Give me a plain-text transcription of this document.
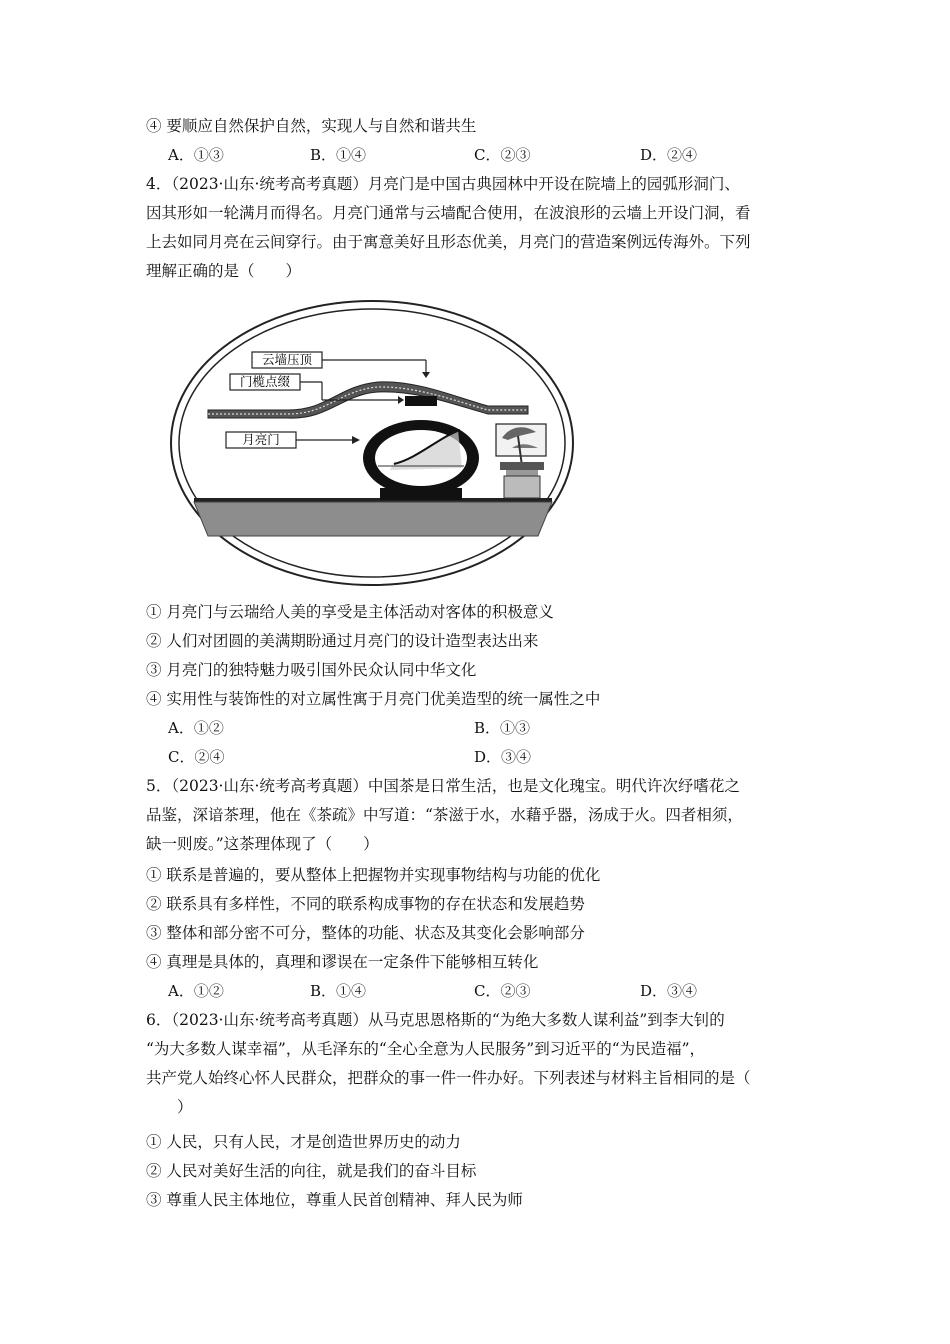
④ 要顺应自然保护自然，实现人与自然和谐共生
A．①③	B．①④	C．②③	D．②④
4．（2023·山东·统考高考真题）月亮门是中国古典园林中开设在院墙上的园弧形洞门、
因其形如一轮满月而得名。月亮门通常与云墙配合使用，在波浪形的云墙上开设门洞，看
上去如同月亮在云间穿行。由于寓意美好且形态优美，月亮门的营造案例远传海外。下列
理解正确的是（　　）
云墙压顶
门榄点缀
月亮门
① 月亮门与云瑞给人美的享受是主体活动对客体的积极意义
② 人们对团圆的美满期盼通过月亮门的设计造型表达出来
③ 月亮门的独特魅力吸引国外民众认同中华文化
④ 实用性与装饰性的对立属性寓于月亮门优美造型的统一属性之中
A．①②	B．①③
C．②④	D．③④
5．（2023·山东·统考高考真题）中国茶是日常生活，也是文化瑰宝。明代许次纾嗜花之
品鉴，深谙茶理，他在《茶疏》中写道：“茶滋于水，水藉乎器，汤成于火。四者相须，
缺一则废。”这茶理体现了（　　）
① 联系是普遍的，要从整体上把握物并实现事物结构与功能的优化
② 联系具有多样性，不同的联系构成事物的存在状态和发展趋势
③ 整体和部分密不可分，整体的功能、状态及其变化会影响部分
④ 真理是具体的，真理和谬误在一定条件下能够相互转化
A．①②	B．①④	C．②③	D．③④
6．（2023·山东·统考高考真题）从马克思恩格斯的“为绝大多数人谋利益”到李大钊的
“为大多数人谋幸福”，从毛泽东的“全心全意为人民服务”到习近平的“为民造福”，
共产党人始终心怀人民群众，把群众的事一件一件办好。下列表述与材料主旨相同的是（
　　）
① 人民，只有人民，才是创造世界历史的动力
② 人民对美好生活的向往，就是我们的奋斗目标
③ 尊重人民主体地位，尊重人民首创精神、拜人民为师
